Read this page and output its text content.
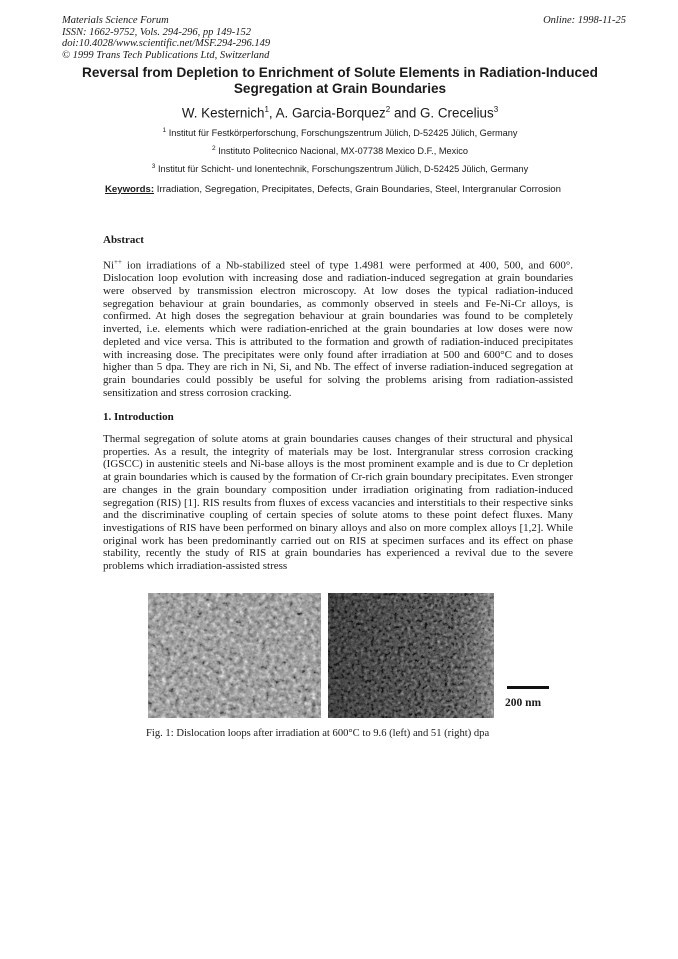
Materials Science Forum
ISSN: 1662-9752, Vols. 294-296, pp 149-152
doi:10.4028/www.scientific.net/MSF.294-296.149
© 1999 Trans Tech Publications Ltd, Switzerland
Online: 1998-11-25
Reversal from Depletion to Enrichment of Solute Elements in Radiation-Induced Segregation at Grain Boundaries
W. Kesternich$^1$, A. Garcia-Borquez$^2$ and G. Crecelius$^3$
$^1$ Institut für Festkörperforschung, Forschungszentrum Jülich, D-52425 Jülich, Germany
$^2$ Instituto Politecnico Nacional, MX-07738 Mexico D.F., Mexico
$^3$ Institut für Schicht- und Ionentechnik, Forschungszentrum Jülich, D-52425 Jülich, Germany
Keywords: Irradiation, Segregation, Precipitates, Defects, Grain Boundaries, Steel, Intergranular Corrosion
Abstract
Ni++ ion irradiations of a Nb-stabilized steel of type 1.4981 were performed at 400, 500, and 600°. Dislocation loop evolution with increasing dose and radiation-induced segregation at grain boundaries were observed by transmission electron microscopy. At low doses the typical radiation-induced segregation behaviour at grain boundaries, as commonly observed in steels and Fe-Ni-Cr alloys, is confirmed. At high doses the segregation behaviour at grain boundaries was found to be completely inverted, i.e. elements which were radiation-enriched at the grain boundaries at low doses were now depleted and vice versa. This is attributed to the formation and growth of radiation-induced precipitates with increasing dose. The precipitates were only found after irradiation at 500 and 600°C and to doses higher than 5 dpa. They are rich in Ni, Si, and Nb. The effect of inverse radiation-induced segregation at grain boundaries could possibly be useful for solving the problems arising from radiation-assisted sensitization and stress corrosion cracking.
1. Introduction
Thermal segregation of solute atoms at grain boundaries causes changes of their structural and physical properties. As a result, the integrity of materials may be lost. Intergranular stress corrosion cracking (IGSCC) in austenitic steels and Ni-base alloys is the most prominent example and is due to Cr depletion at grain boundaries which is caused by the formation of Cr-rich grain boundary precipitates. Even stronger are changes in the grain boundary composition under irradiation originating from radiation-induced segregation (RIS) [1]. RIS results from fluxes of excess vacancies and interstitials to their respective sinks and the discriminative coupling of certain species of solute atoms to these point defect fluxes. Many investigations of RIS have been performed on binary alloys and also on more complex alloys [1,2]. While original work has been predominantly carried out on RIS at specimen surfaces and its effect on phase stability, recently the study of RIS at grain boundaries has experienced a revival due to the severe problems which irradiation-assisted stress
200 nm
Fig. 1: Dislocation loops after irradiation at 600°C to 9.6 (left) and 51 (right) dpa
